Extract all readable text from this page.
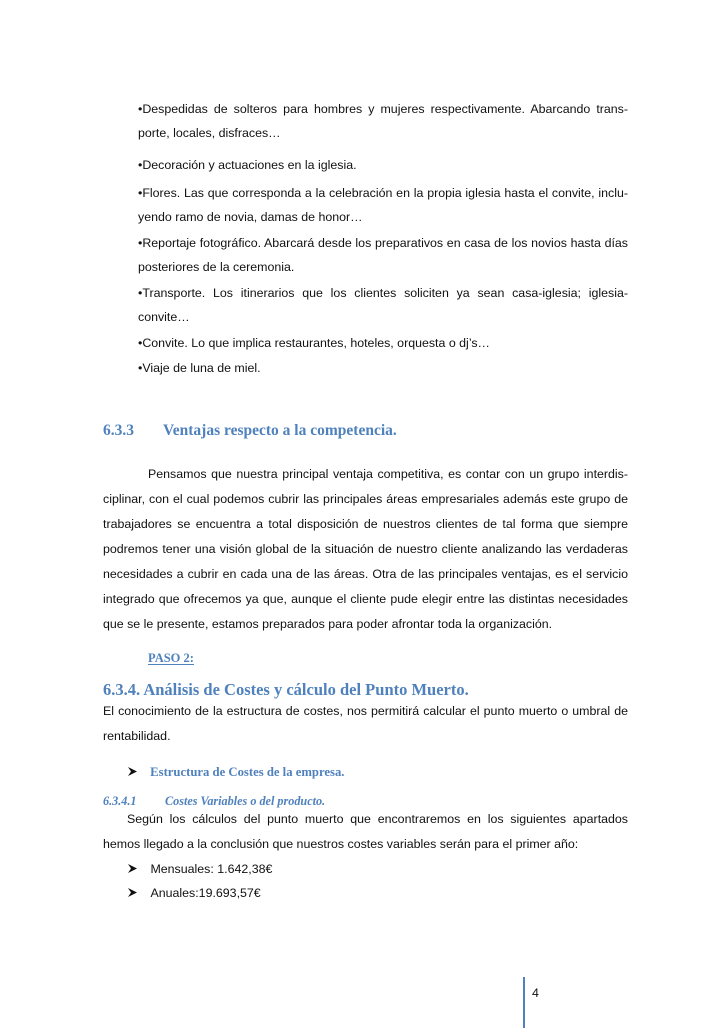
•Despedidas de solteros para hombres y mujeres respectivamente. Abarcando trans-
porte, locales, disfraces…
•Decoración y actuaciones en la iglesia.
•Flores. Las que corresponda a la celebración en la propia iglesia hasta el convite, inclu-
yendo ramo de novia, damas de honor…
•Reportaje fotográfico. Abarcará desde los preparativos en casa de los novios hasta días
posteriores de la ceremonia.
•Transporte. Los itinerarios que los clientes soliciten ya sean casa-iglesia; iglesia-
convite…
•Convite. Lo que implica restaurantes, hoteles, orquesta o dj’s…
•Viaje de luna de miel.
6.3.3 Ventajas respecto a la competencia.
Pensamos que nuestra principal ventaja competitiva, es contar con un grupo interdis-
ciplinar, con el cual podemos cubrir las principales áreas empresariales además este grupo de
trabajadores se encuentra a total disposición de nuestros clientes de tal forma que siempre
podremos tener una visión global de la situación de nuestro cliente analizando las verdaderas
necesidades a cubrir en cada una de las áreas. Otra de las principales ventajas, es el servicio
integrado que ofrecemos ya que, aunque el cliente pude elegir entre las distintas necesidades
que se le presente, estamos preparados para poder afrontar toda la organización.
PASO 2:
6.3.4. Análisis de Costes y cálculo del Punto Muerto.
El conocimiento de la estructura de costes, nos permitirá calcular el punto muerto o umbral de
rentabilidad.
Estructura de Costes de la empresa.
6.3.4.1 Costes Variables o del producto.
Según los cálculos del punto muerto que encontraremos en los siguientes apartados
hemos llegado a la conclusión que nuestros costes variables serán para el primer año:
Mensuales: 1.642,38€
Anuales:19.693,57€
4
